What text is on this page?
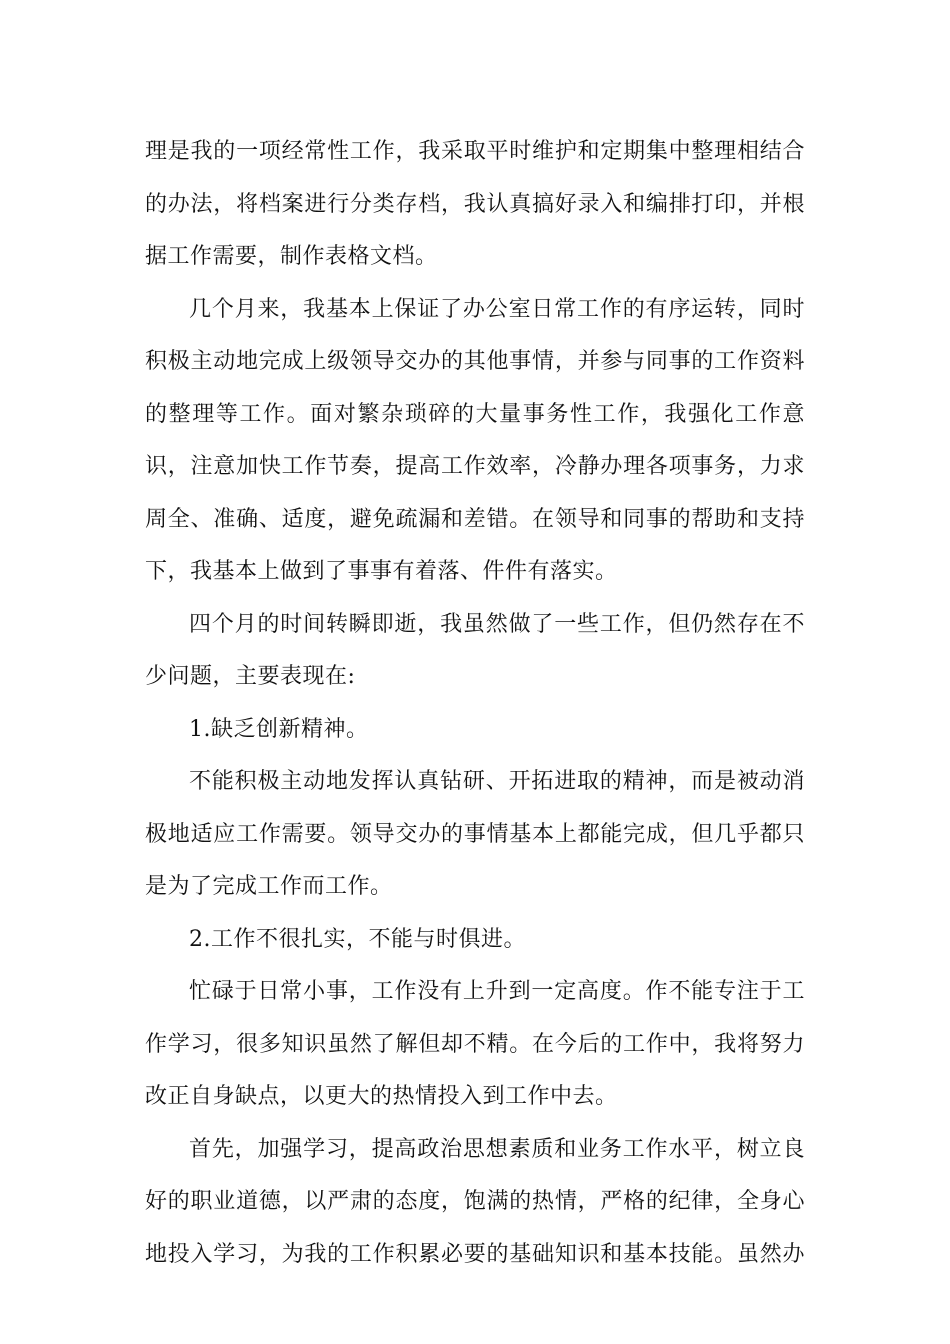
理是我的一项经常性工作，我采取平时维护和定期集中整理相结合
的办法，将档案进行分类存档，我认真搞好录入和编排打印，并根
据工作需要，制作表格文档。
几个月来，我基本上保证了办公室日常工作的有序运转，同时
积极主动地完成上级领导交办的其他事情，并参与同事的工作资料
的整理等工作。面对繁杂琐碎的大量事务性工作，我强化工作意
识，注意加快工作节奏，提高工作效率，冷静办理各项事务，力求
周全、准确、适度，避免疏漏和差错。在领导和同事的帮助和支持
下，我基本上做到了事事有着落、件件有落实。
四个月的时间转瞬即逝，我虽然做了一些工作，但仍然存在不
少问题，主要表现在:
1.缺乏创新精神。
不能积极主动地发挥认真钻研、开拓进取的精神，而是被动消
极地适应工作需要。领导交办的事情基本上都能完成，但几乎都只
是为了完成工作而工作。
2.工作不很扎实，不能与时俱进。
忙碌于日常小事，工作没有上升到一定高度。作不能专注于工
作学习，很多知识虽然了解但却不精。在今后的工作中，我将努力
改正自身缺点，以更大的热情投入到工作中去。
首先，加强学习，提高政治思想素质和业务工作水平，树立良
好的职业道德，以严肃的态度，饱满的热情，严格的纪律，全身心
地投入学习，为我的工作积累必要的基础知识和基本技能。虽然办
